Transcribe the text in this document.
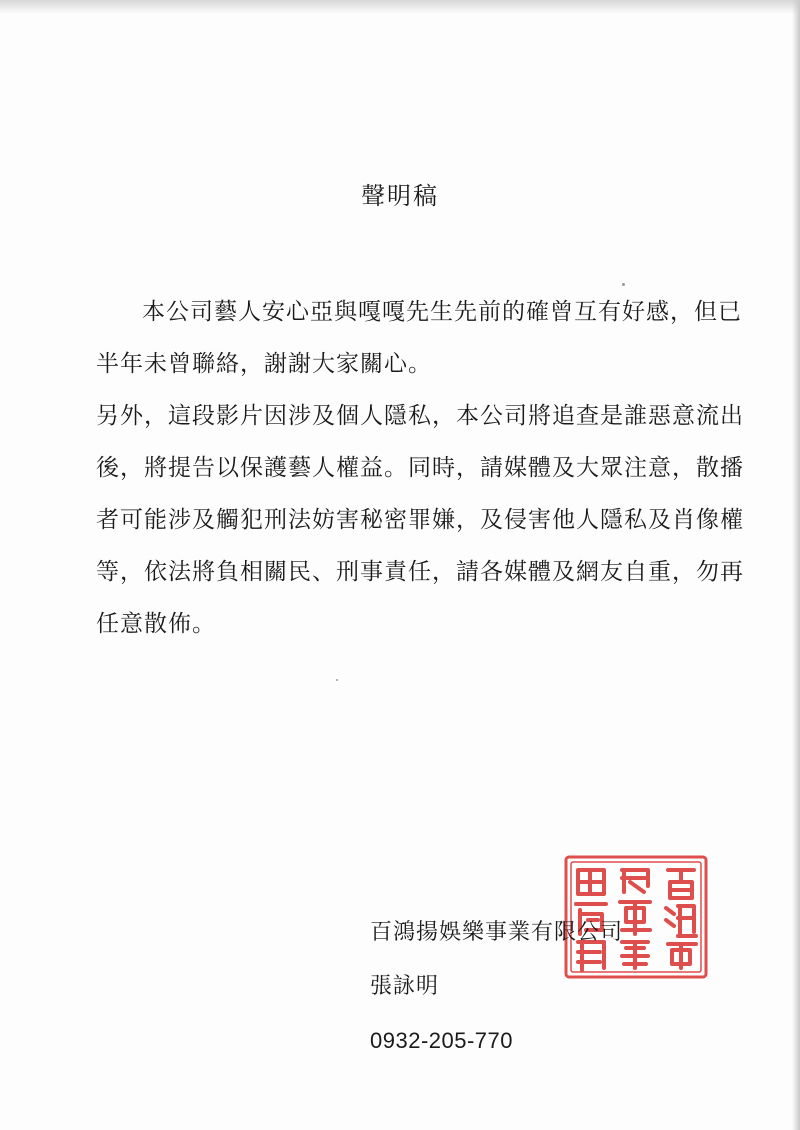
聲明稿

本公司藝人安心亞與嘎嘎先生先前的確曾互有好感，但已半年未曾聯絡，謝謝大家關心。

另外，這段影片因涉及個人隱私，本公司將追查是誰惡意流出後，將提告以保護藝人權益。同時，請媒體及大眾注意，散播者可能涉及觸犯刑法妨害秘密罪嫌，及侵害他人隱私及肖像權等，依法將負相關民、刑事責任，請各媒體及網友自重，勿再任意散佈。

百鴻揚娛樂事業有限公司
張詠明
0932-205-770
